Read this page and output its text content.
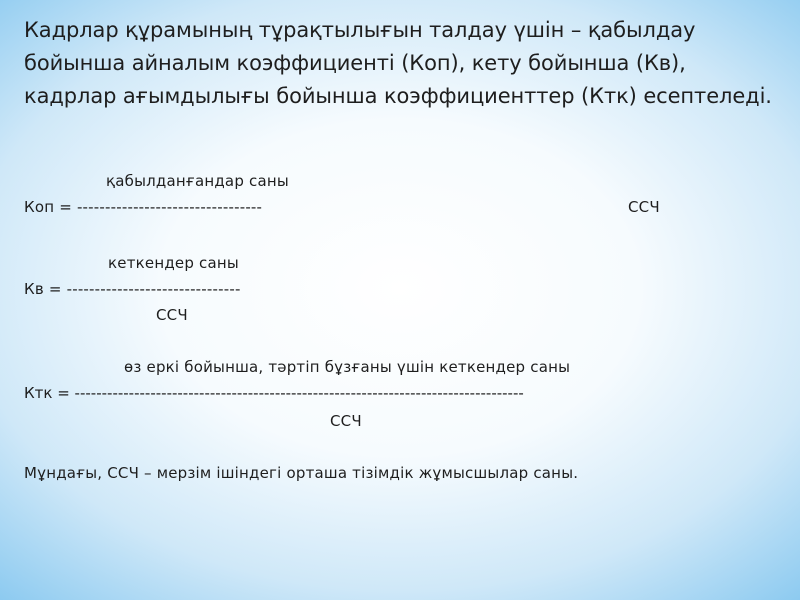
Кадрлар құрамының тұрақтылығын талдау үшін – қабылдау бойынша айналым коэффициенті (Коп), кету бойынша (Кв), кадрлар ағымдылығы бойынша коэффициенттер (Ктк) есептеледі.

қабылданғандар саны
Коп = ---------------------------------	ССЧ
кеткендер саны
Кв = -------------------------------
ССЧ
өз еркі бойынша, тәртіп бұзғаны үшін кеткендер саны
Ктк = -----------------------------------------------------------------------------------
ССЧ
Мұндағы, ССЧ – мерзім ішіндегі орташа тізімдік жұмысшылар саны.
